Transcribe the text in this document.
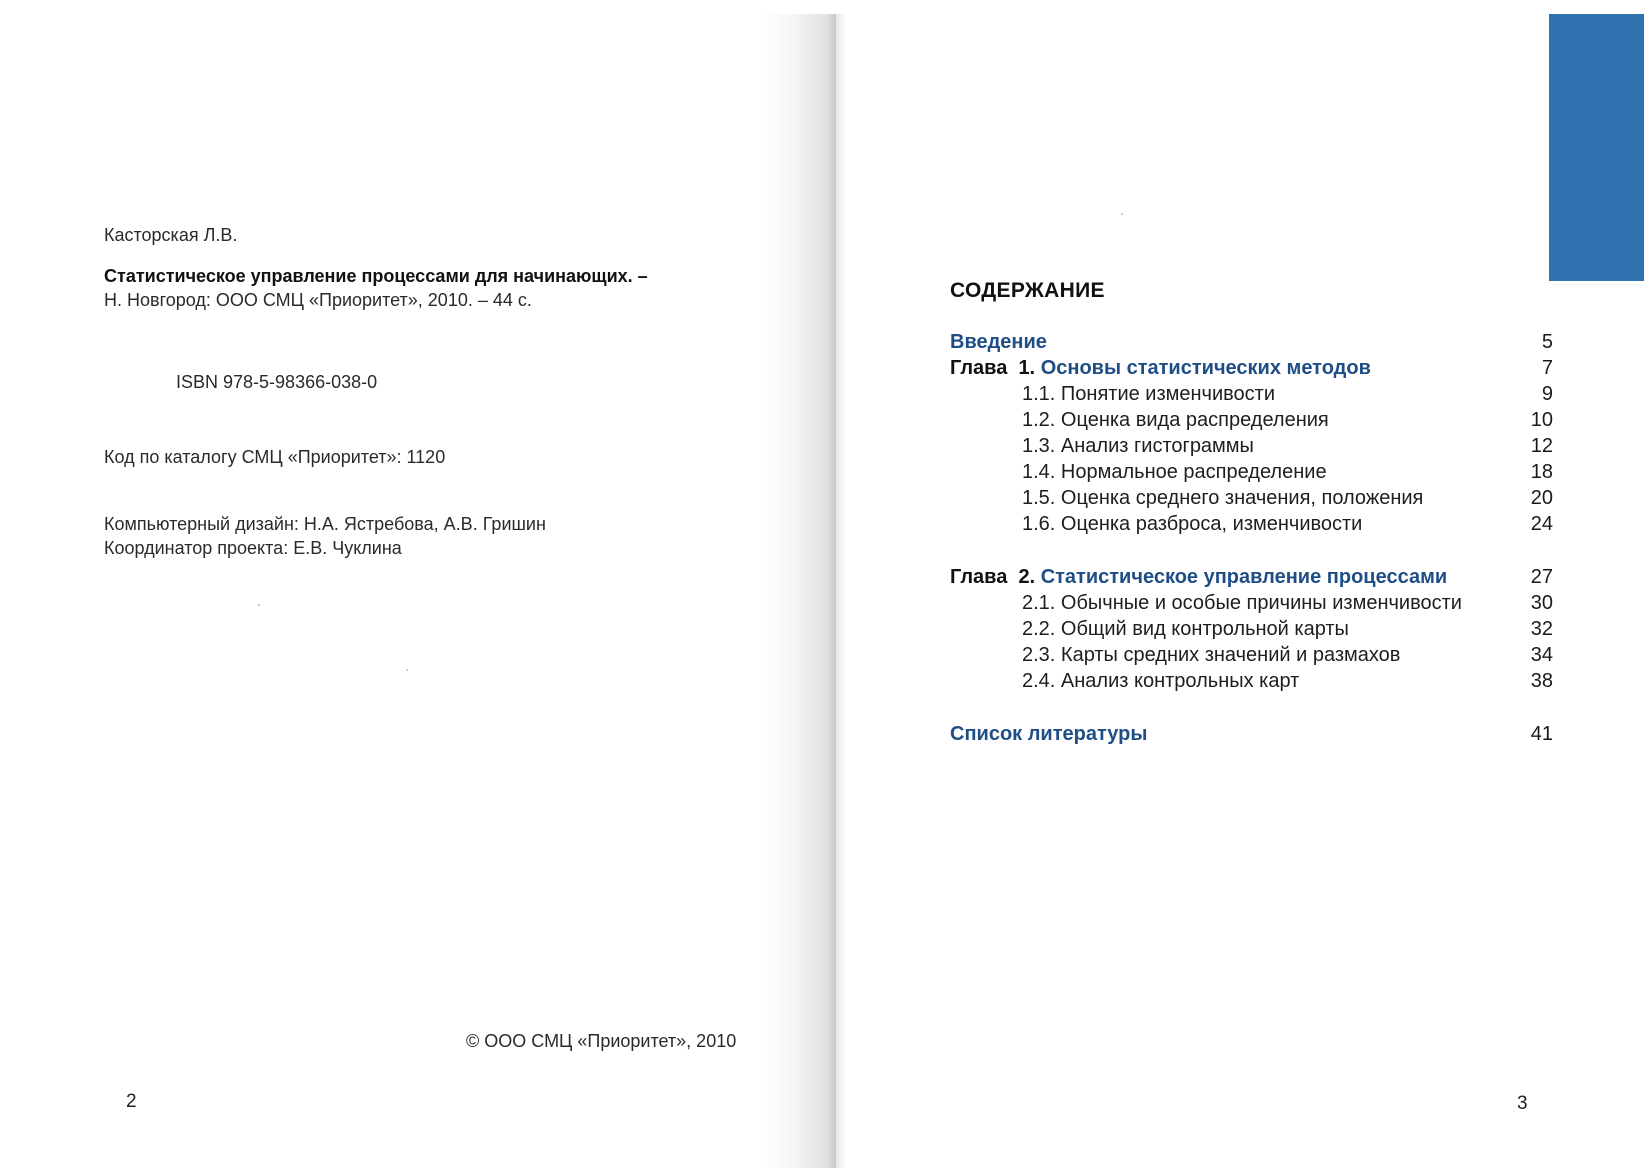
Касторская Л.В.
Статистическое управление процессами для начинающих. –
Н. Новгород: ООО СМЦ «Приоритет», 2010. – 44 с.
ISBN 978-5-98366-038-0
Код по каталогу СМЦ «Приоритет»: 1120
Компьютерный дизайн: Н.А. Ястребова, А.В. Гришин
Координатор проекта: Е.В. Чуклина
© ООО СМЦ «Приоритет», 2010
2
СОДЕРЖАНИЕ
Введение	5
Глава  1. Основы статистических методов	7
1.1. Понятие изменчивости	9
1.2. Оценка вида распределения	10
1.3. Анализ гистограммы	12
1.4. Нормальное распределение	18
1.5. Оценка среднего значения, положения	20
1.6. Оценка разброса, изменчивости	24
Глава  2. Статистическое управление процессами	27
2.1. Обычные и особые причины изменчивости	30
2.2. Общий вид контрольной карты	32
2.3. Карты средних значений и размахов	34
2.4. Анализ контрольных карт	38
Список литературы	41
3
